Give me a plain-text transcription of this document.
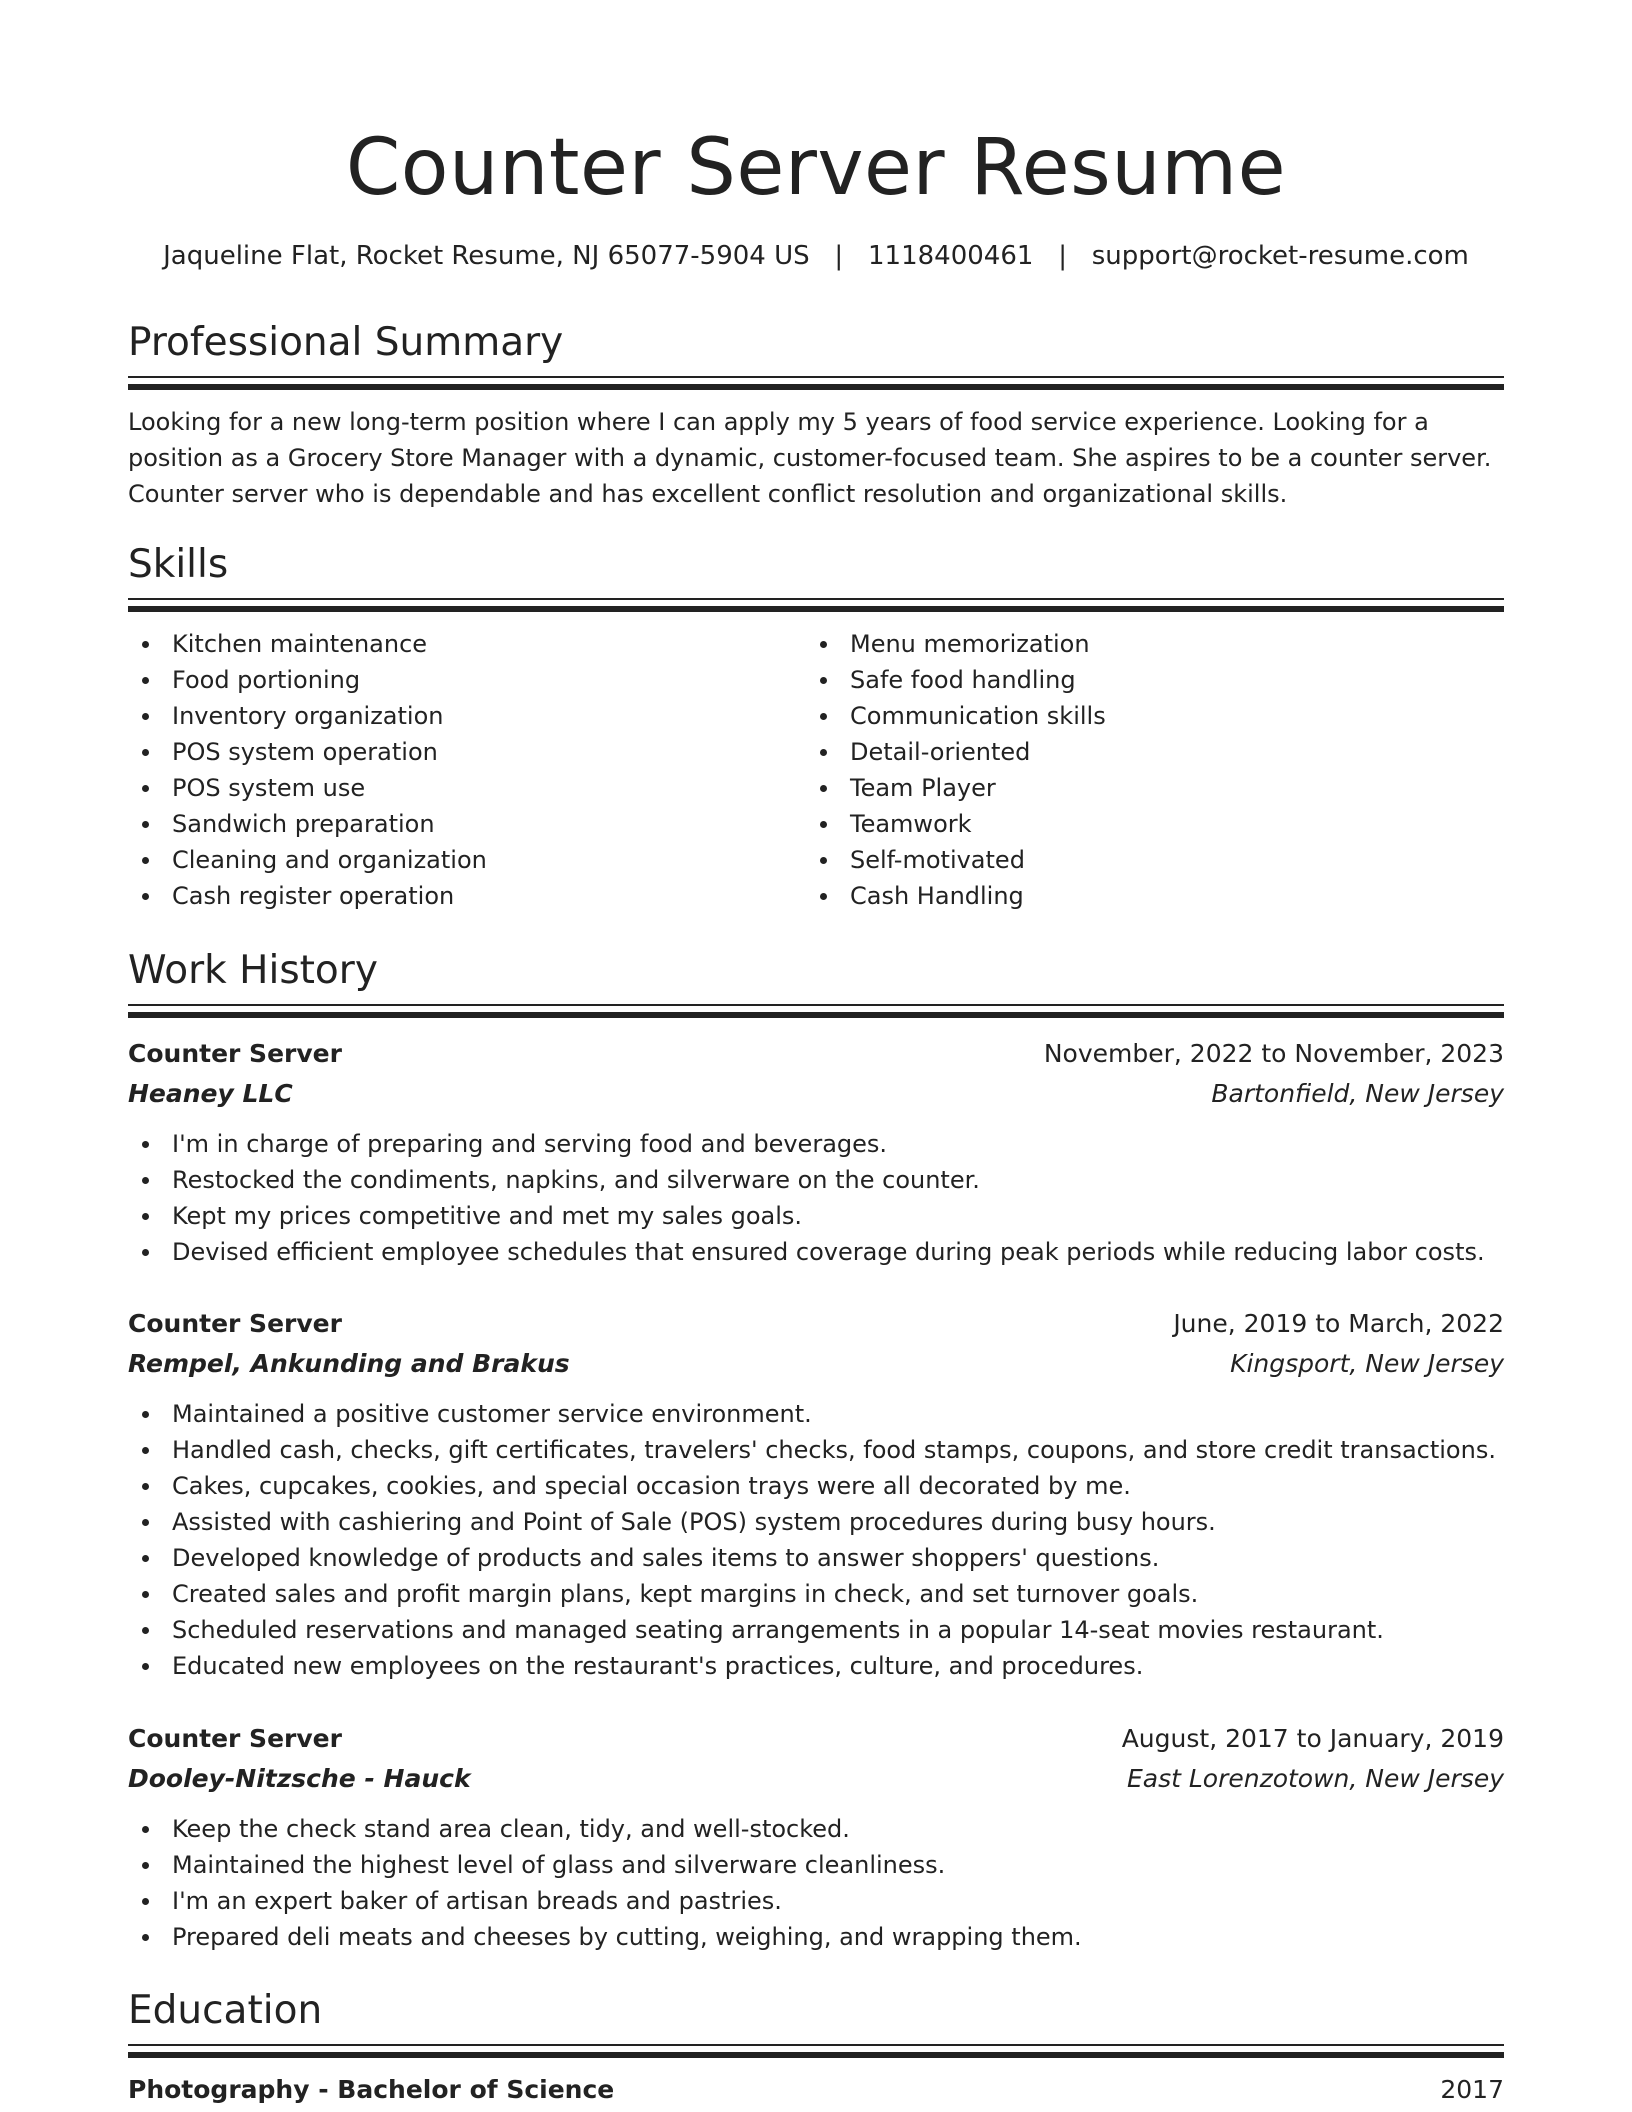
Counter Server Resume
Jaqueline Flat, Rocket Resume, NJ 65077-5904 US | 1118400461 | support@rocket-resume.com
Professional Summary
Looking for a new long-term position where I can apply my 5 years of food service experience. Looking for a position as a Grocery Store Manager with a dynamic, customer-focused team. She aspires to be a counter server. Counter server who is dependable and has excellent conflict resolution and organizational skills.
Skills
Kitchen maintenance
Food portioning
Inventory organization
POS system operation
POS system use
Sandwich preparation
Cleaning and organization
Cash register operation
Menu memorization
Safe food handling
Communication skills
Detail-oriented
Team Player
Teamwork
Self-motivated
Cash Handling
Work History
Counter Server	November, 2022 to November, 2023
Heaney LLC	Bartonfield, New Jersey
I'm in charge of preparing and serving food and beverages.
Restocked the condiments, napkins, and silverware on the counter.
Kept my prices competitive and met my sales goals.
Devised efficient employee schedules that ensured coverage during peak periods while reducing labor costs.
Counter Server	June, 2019 to March, 2022
Rempel, Ankunding and Brakus	Kingsport, New Jersey
Maintained a positive customer service environment.
Handled cash, checks, gift certificates, travelers' checks, food stamps, coupons, and store credit transactions.
Cakes, cupcakes, cookies, and special occasion trays were all decorated by me.
Assisted with cashiering and Point of Sale (POS) system procedures during busy hours.
Developed knowledge of products and sales items to answer shoppers' questions.
Created sales and profit margin plans, kept margins in check, and set turnover goals.
Scheduled reservations and managed seating arrangements in a popular 14-seat movies restaurant.
Educated new employees on the restaurant's practices, culture, and procedures.
Counter Server	August, 2017 to January, 2019
Dooley-Nitzsche - Hauck	East Lorenzotown, New Jersey
Keep the check stand area clean, tidy, and well-stocked.
Maintained the highest level of glass and silverware cleanliness.
I'm an expert baker of artisan breads and pastries.
Prepared deli meats and cheeses by cutting, weighing, and wrapping them.
Education
Photography - Bachelor of Science	2017
